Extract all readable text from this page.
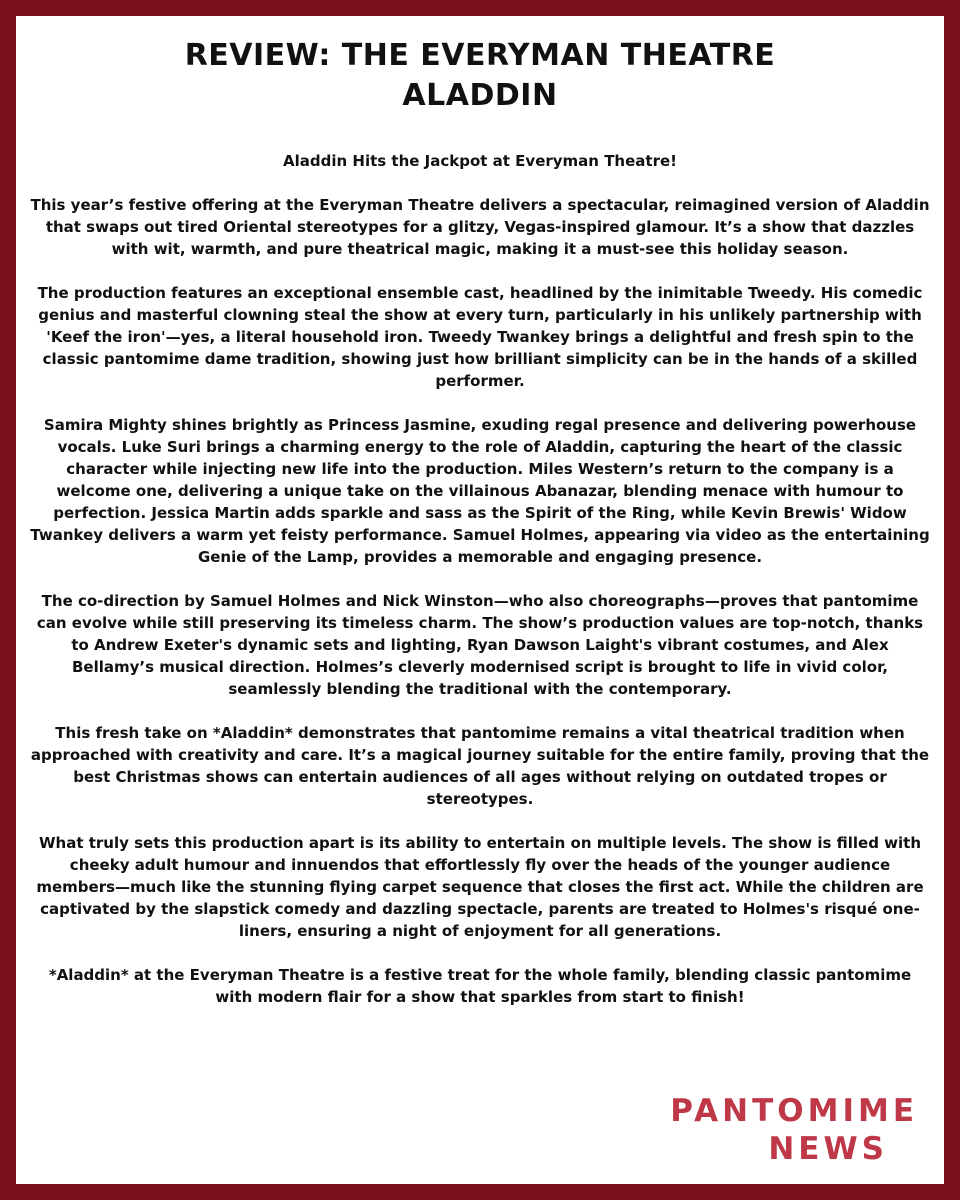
REVIEW: THE EVERYMAN THEATRE
ALADDIN

Aladdin Hits the Jackpot at Everyman Theatre!

This year’s festive offering at the Everyman Theatre delivers a spectacular, reimagined version of Aladdin that swaps out tired Oriental stereotypes for a glitzy, Vegas-inspired glamour. It’s a show that dazzles with wit, warmth, and pure theatrical magic, making it a must-see this holiday season.

The production features an exceptional ensemble cast, headlined by the inimitable Tweedy. His comedic genius and masterful clowning steal the show at every turn, particularly in his unlikely partnership with 'Keef the iron'—yes, a literal household iron. Tweedy Twankey brings a delightful and fresh spin to the classic pantomime dame tradition, showing just how brilliant simplicity can be in the hands of a skilled performer.

Samira Mighty shines brightly as Princess Jasmine, exuding regal presence and delivering powerhouse vocals. Luke Suri brings a charming energy to the role of Aladdin, capturing the heart of the classic character while injecting new life into the production. Miles Western’s return to the company is a welcome one, delivering a unique take on the villainous Abanazar, blending menace with humour to perfection. Jessica Martin adds sparkle and sass as the Spirit of the Ring, while Kevin Brewis' Widow Twankey delivers a warm yet feisty performance. Samuel Holmes, appearing via video as the entertaining Genie of the Lamp, provides a memorable and engaging presence.

The co-direction by Samuel Holmes and Nick Winston—who also choreographs—proves that pantomime can evolve while still preserving its timeless charm. The show’s production values are top-notch, thanks to Andrew Exeter's dynamic sets and lighting, Ryan Dawson Laight's vibrant costumes, and Alex Bellamy’s musical direction. Holmes’s cleverly modernised script is brought to life in vivid color, seamlessly blending the traditional with the contemporary.

This fresh take on *Aladdin* demonstrates that pantomime remains a vital theatrical tradition when approached with creativity and care. It’s a magical journey suitable for the entire family, proving that the best Christmas shows can entertain audiences of all ages without relying on outdated tropes or stereotypes.

What truly sets this production apart is its ability to entertain on multiple levels. The show is filled with cheeky adult humour and innuendos that effortlessly fly over the heads of the younger audience members—much like the stunning flying carpet sequence that closes the first act. While the children are captivated by the slapstick comedy and dazzling spectacle, parents are treated to Holmes's risqué one-liners, ensuring a night of enjoyment for all generations.

*Aladdin* at the Everyman Theatre is a festive treat for the whole family, blending classic pantomime with modern flair for a show that sparkles from start to finish!

PANTOMIME
NEWS
